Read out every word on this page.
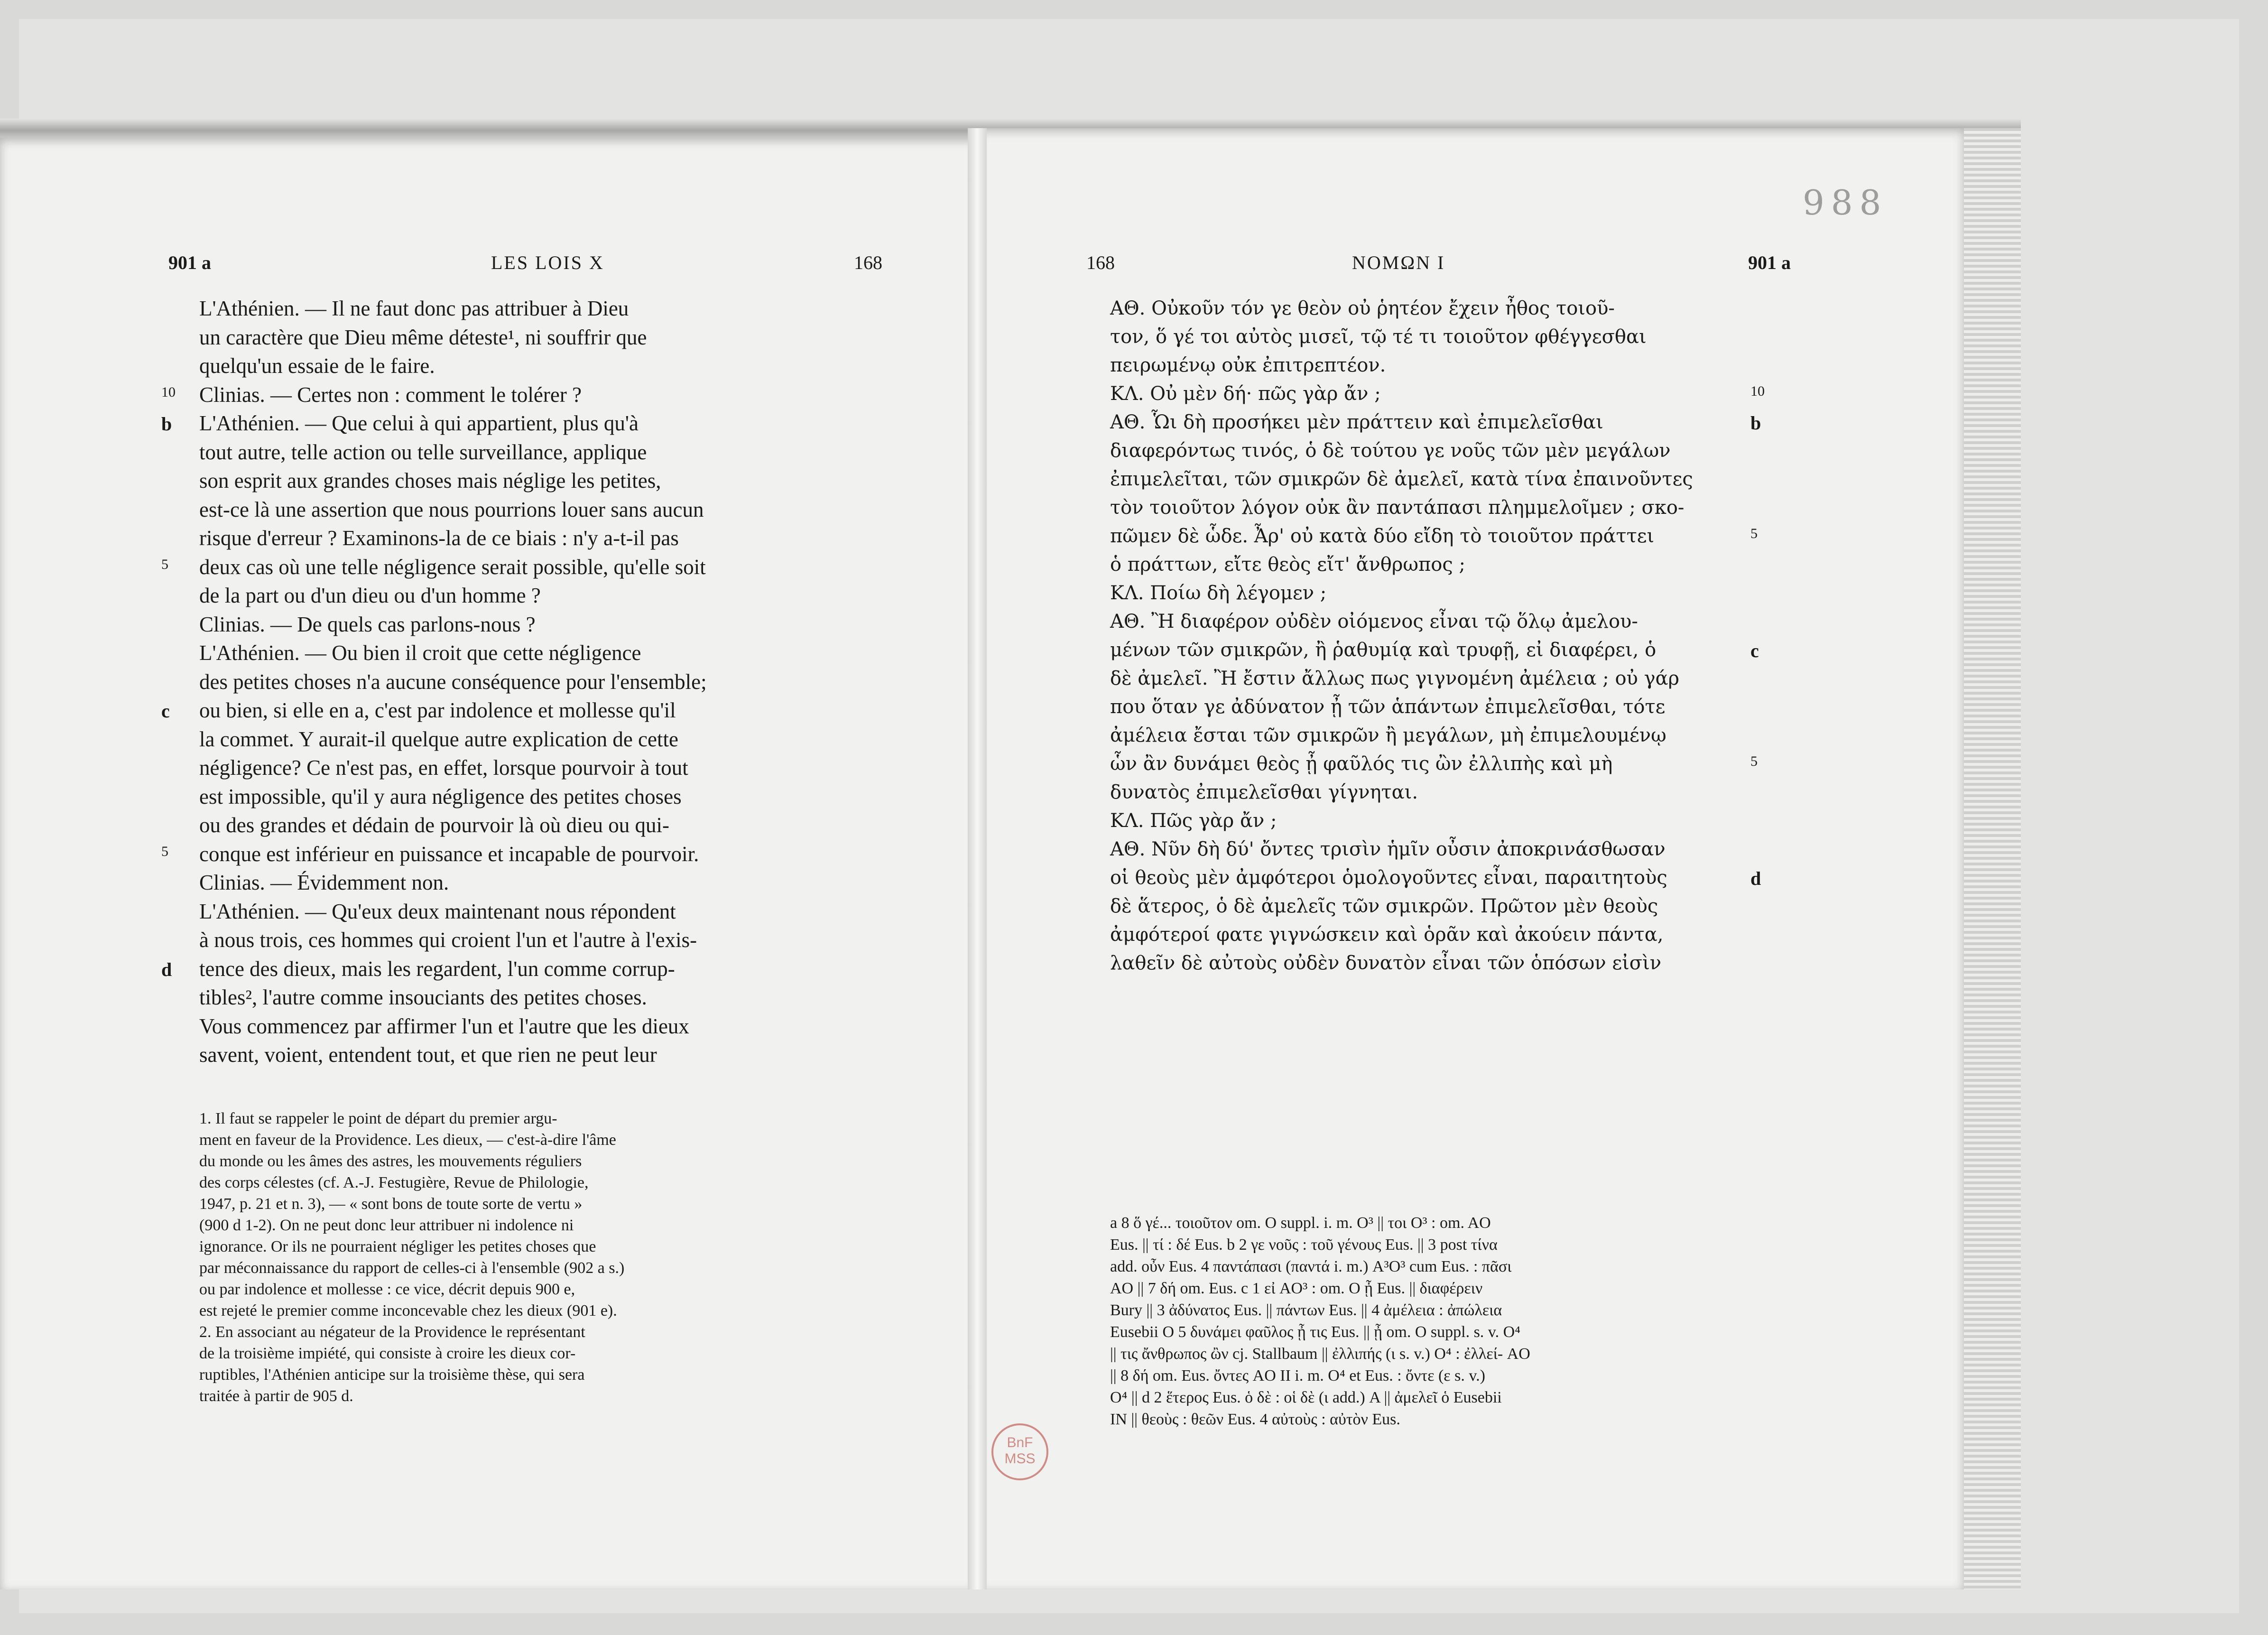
988
901 a	LES LOIS X	168	168	ΝΟΜΩΝ Ι	901 a
L'Athénien. — Il ne faut donc pas attribuer à Dieu
un caractère que Dieu même déteste¹, ni souffrir que
quelqu'un essaie de le faire.
Clinias. — Certes non : comment le tolérer ?
L'Athénien. — Que celui à qui appartient, plus qu'à
tout autre, telle action ou telle surveillance, applique
son esprit aux grandes choses mais néglige les petites,
est-ce là une assertion que nous pourrions louer sans aucun
risque d'erreur ? Examinons-la de ce biais : n'y a-t-il pas
deux cas où une telle négligence serait possible, qu'elle soit
de la part ou d'un dieu ou d'un homme ?
Clinias. — De quels cas parlons-nous ?
L'Athénien. — Ou bien il croit que cette négligence
des petites choses n'a aucune conséquence pour l'ensemble;
ou bien, si elle en a, c'est par indolence et mollesse qu'il
la commet. Y aurait-il quelque autre explication de cette
négligence? Ce n'est pas, en effet, lorsque pourvoir à tout
est impossible, qu'il y aura négligence des petites choses
ou des grandes et dédain de pourvoir là où dieu ou qui-
conque est inférieur en puissance et incapable de pourvoir.
Clinias. — Évidemment non.
L'Athénien. — Qu'eux deux maintenant nous répondent
à nous trois, ces hommes qui croient l'un et l'autre à l'exis-
tence des dieux, mais les regardent, l'un comme corrup-
tibles², l'autre comme insouciants des petites choses.
Vous commencez par affirmer l'un et l'autre que les dieux
savent, voient, entendent tout, et que rien ne peut leur
ΑΘ. Οὐκοῦν τόν γε θεὸν οὐ ῥητέον ἔχειν ἦθος τοιοῦ-
τον, ὅ γέ τοι αὐτὸς μισεῖ, τῷ τέ τι τοιοῦτον φθέγγεσθαι
πειρωμένῳ οὐκ ἐπιτρεπτέον.
ΚΛ. Οὐ μὲν δή· πῶς γὰρ ἄν ;
ΑΘ. Ὧι δὴ προσήκει μὲν πράττειν καὶ ἐπιμελεῖσθαι
διαφερόντως τινός, ὁ δὲ τούτου γε νοῦς τῶν μὲν μεγάλων
ἐπιμελεῖται, τῶν σμικρῶν δὲ ἀμελεῖ, κατὰ τίνα ἐπαινοῦντες
τὸν τοιοῦτον λόγον οὐκ ἂν παντάπασι πλημμελοῖμεν ; σκο-
πῶμεν δὲ ὧδε. Ἆρ' οὐ κατὰ δύο εἴδη τὸ τοιοῦτον πράττει
ὁ πράττων, εἴτε θεὸς εἴτ' ἄνθρωπος ;
ΚΛ. Ποίω δὴ λέγομεν ;
ΑΘ. Ἢ διαφέρον οὐδὲν οἰόμενος εἶναι τῷ ὅλῳ ἀμελου-
μένων τῶν σμικρῶν, ἢ ῥαθυμίᾳ καὶ τρυφῇ, εἰ διαφέρει, ὁ
δὲ ἀμελεῖ. Ἢ ἔστιν ἄλλως πως γιγνομένη ἀμέλεια ; οὐ γάρ
που ὅταν γε ἀδύνατον ᾖ τῶν ἁπάντων ἐπιμελεῖσθαι, τότε
ἀμέλεια ἔσται τῶν σμικρῶν ἢ μεγάλων, μὴ ἐπιμελουμένῳ
ὧν ἂν δυνάμει θεὸς ᾖ φαῦλός τις ὢν ἐλλιπὴς καὶ μὴ
δυνατὸς ἐπιμελεῖσθαι γίγνηται.
ΚΛ. Πῶς γὰρ ἄν ;
ΑΘ. Νῦν δὴ δύ' ὄντες τρισὶν ἡμῖν οὖσιν ἀποκρινάσθωσαν
οἱ θεοὺς μὲν ἀμφότεροι ὁμολογοῦντες εἶναι, παραιτητοὺς
δὲ ἅτερος, ὁ δὲ ἀμελεῖς τῶν σμικρῶν. Πρῶτον μὲν θεοὺς
ἀμφότεροί φατε γιγνώσκειν καὶ ὁρᾶν καὶ ἀκούειν πάντα,
λαθεῖν δὲ αὐτοὺς οὐδὲν δυνατὸν εἶναι τῶν ὁπόσων εἰσὶν
10
b
5
c
5
d
10
b
5
c
5
d
1. Il faut se rappeler le point de départ du premier argu-
ment en faveur de la Providence. Les dieux, — c'est-à-dire l'âme
du monde ou les âmes des astres, les mouvements réguliers
des corps célestes (cf. A.-J. Festugière, Revue de Philologie,
1947, p. 21 et n. 3), — « sont bons de toute sorte de vertu »
(900 d 1-2). On ne peut donc leur attribuer ni indolence ni
ignorance. Or ils ne pourraient négliger les petites choses que
par méconnaissance du rapport de celles-ci à l'ensemble (902 a s.)
ou par indolence et mollesse : ce vice, décrit depuis 900 e,
est rejeté le premier comme inconcevable chez les dieux (901 e).
2. En associant au négateur de la Providence le représentant
de la troisième impiété, qui consiste à croire les dieux cor-
ruptibles, l'Athénien anticipe sur la troisième thèse, qui sera
traitée à partir de 905 d.
a 8 ὅ γέ... τοιοῦτον om. O suppl. i. m. O³ || τοι O³ : om. AO
Eus. || τί : δέ Eus. b 2 γε νοῦς : τοῦ γένους Eus. || 3 post τίνα
add. οὖν Eus. 4 παντάπασι (παντά i. m.) A³O³ cum Eus. : πᾶσι
AO || 7 δή om. Eus. c 1 εἰ AO³ : om. O ᾖ Eus. || διαφέρειν
Bury || 3 ἀδύνατος Eus. || πάντων Eus. || 4 ἀμέλεια : ἀπώλεια
Eusebii O 5 δυνάμει φαῦλος ᾖ τις Eus. || ᾖ om. O suppl. s. v. O⁴
|| τις ἄνθρωπος ὢν cj. Stallbaum || ἐλλιπής (ι s. v.) O⁴ : ἐλλεί- AO
|| 8 δή om. Eus. ὄντες AO II i. m. O⁴ et Eus. : ὄντε (ε s. v.)
O⁴ || d 2 ἕτερος Eus. ὁ δὲ : οἱ δὲ (ι add.) A || ἀμελεῖ ὁ Eusebii
IN || θεοὺς : θεῶν Eus. 4 αὐτοὺς : αὐτὸν Eus.
BnF
MSS
